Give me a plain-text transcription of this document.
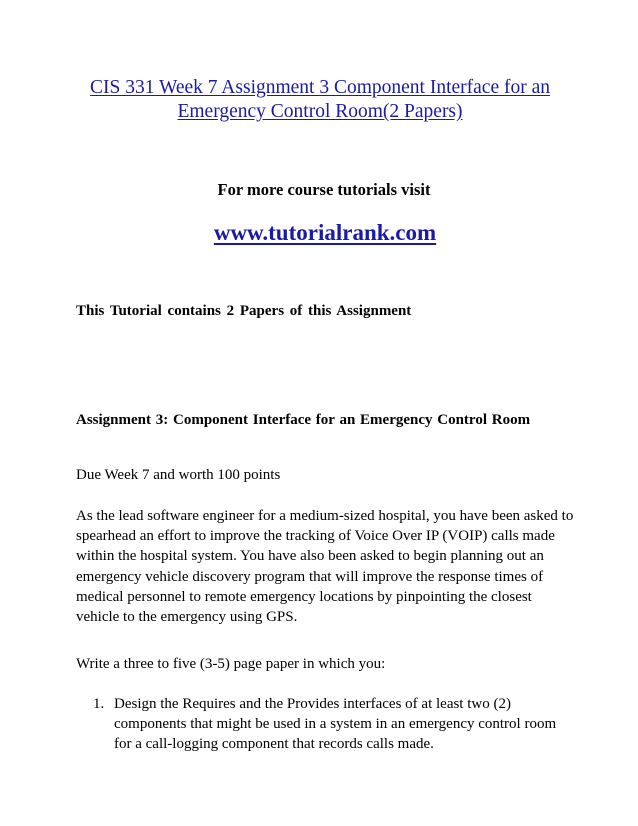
CIS 331 Week 7 Assignment 3 Component Interface for an Emergency Control Room(2 Papers)
For more course tutorials visit
www.tutorialrank.com
This Tutorial contains 2 Papers of this Assignment
Assignment 3: Component Interface for an Emergency Control Room
Due Week 7 and worth 100 points
As the lead software engineer for a medium-sized hospital, you have been asked to spearhead an effort to improve the tracking of Voice Over IP (VOIP) calls made within the hospital system. You have also been asked to begin planning out an emergency vehicle discovery program that will improve the response times of medical personnel to remote emergency locations by pinpointing the closest vehicle to the emergency using GPS.
Write a three to five (3-5) page paper in which you:
1. Design the Requires and the Provides interfaces of at least two (2) components that might be used in a system in an emergency control room for a call-logging component that records calls made.
